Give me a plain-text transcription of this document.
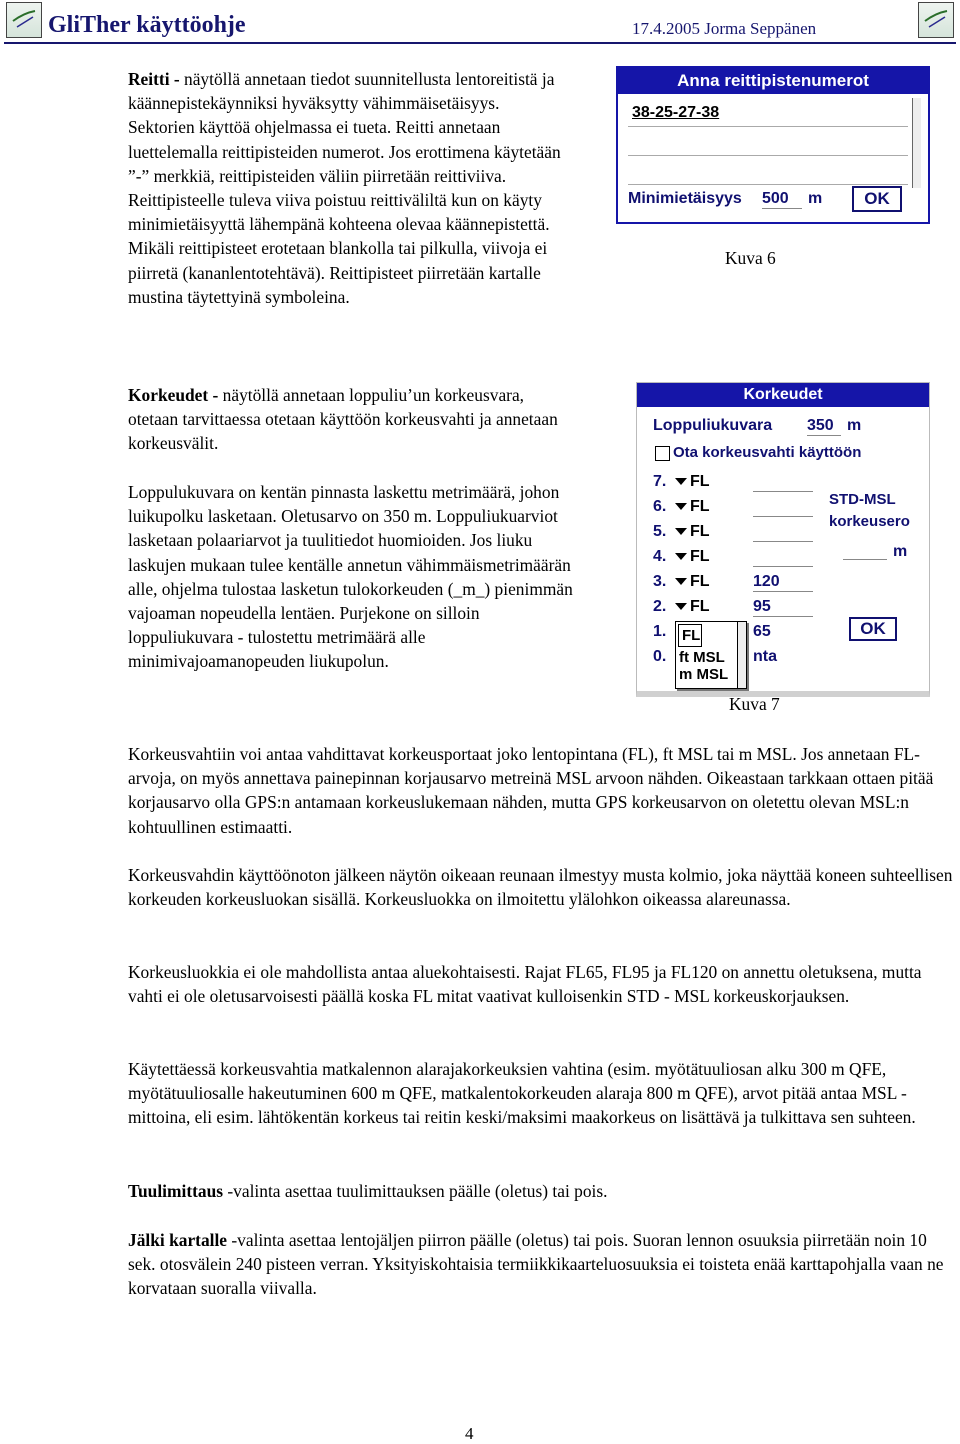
GliTher käyttöohje	17.4.2005 Jorma Seppänen

Reitti - näytöllä annetaan tiedot suunnitellusta lentoreitistä ja käännepistekäynniksi hyväksytty vähimmäisetäisyys. Sektorien käyttöä ohjelmassa ei tueta. Reitti annetaan luettelemalla reittipisteiden numerot. Jos erottimena käytetään ”-” merkkiä, reittipisteiden väliin piirretään reittiviiva. Reittipisteelle tuleva viiva poistuu reittiväliltä kun on käyty minimietäisyyttä lähempänä kohteena olevaa käännepistettä. Mikäli reittipisteet erotetaan blankolla tai pilkulla, viivoja ei piirretä (kananlentotehtävä). Reittipisteet piirretään kartalle mustina täytettyinä symboleina.

Anna reittipistenumerot
38-25-27-38
Minimietäisyys 500	m	OK
Kuva 6

Korkeudet - näytöllä annetaan loppuliu’un korkeusvara, otetaan tarvittaessa otetaan käyttöön korkeusvahti ja annetaan korkeusvälit.

Loppulukuvara on kentän pinnasta laskettu metrimäärä, johon luikupolku lasketaan. Oletusarvo on 350 m. Loppuliukuarviot lasketaan polaariarvot ja tuulitiedot huomioiden. Jos liuku laskujen mukaan tulee kentälle annetun vähimmäismetrimäärän alle, ohjelma tulostaa lasketun tulokorkeuden (_m_) pienimmän vajoaman nopeudella lentäen. Purjekone on silloin loppuliukuvara - tulostettu metrimäärä alle minimivajoamanopeuden liukupolun.

Korkeudet
Loppuliukuvara 350 m
Ota korkeusvahti käyttöön
7.	FL
6.	FL
5.	FL
4.	FL
3.	FL	120
2.	FL	95
1.	65
0.	nta
FL
ft MSL
m MSL
STD-MSL
korkeusero
m
OK
Kuva 7

Korkeusvahtiin voi antaa vahdittavat korkeusportaat joko lentopintana (FL), ft MSL tai m MSL. Jos annetaan FL-arvoja, on myös annettava painepinnan korjausarvo metreinä MSL arvoon nähden. Oikeastaan tarkkaan ottaen pitää korjausarvo olla GPS:n antamaan korkeuslukemaan nähden, mutta GPS korkeusarvon on oletettu olevan MSL:n kohtuullinen estimaatti.

Korkeusvahdin käyttöönoton jälkeen näytön oikeaan reunaan ilmestyy musta kolmio, joka näyttää koneen suhteellisen korkeuden korkeusluokan sisällä. Korkeusluokka on ilmoitettu ylälohkon oikeassa alareunassa.

Korkeusluokkia ei ole mahdollista antaa aluekohtaisesti. Rajat FL65, FL95 ja FL120 on annettu oletuksena, mutta vahti ei ole oletusarvoisesti päällä koska FL mitat vaativat kulloisenkin STD - MSL korkeuskorjauksen.

Käytettäessä korkeusvahtia matkalennon alarajakorkeuksien vahtina (esim. myötätuuliosan alku 300 m QFE, myötätuuliosalle hakeutuminen 600 m QFE, matkalentokorkeuden alaraja 800 m QFE), arvot pitää antaa MSL - mittoina, eli esim. lähtökentän korkeus tai reitin keski/maksimi maakorkeus on lisättävä ja tulkittava sen suhteen.

Tuulimittaus -valinta asettaa tuulimittauksen päälle (oletus) tai pois.

Jälki kartalle -valinta asettaa lentojäljen piirron päälle (oletus) tai pois. Suoran lennon osuuksia piirretään noin 10 sek. otosvälein 240 pisteen verran. Yksityiskohtaisia termiikkikaarteluosuuksia ei toisteta enää karttapohjalla vaan ne korvataan suoralla viivalla.

4
